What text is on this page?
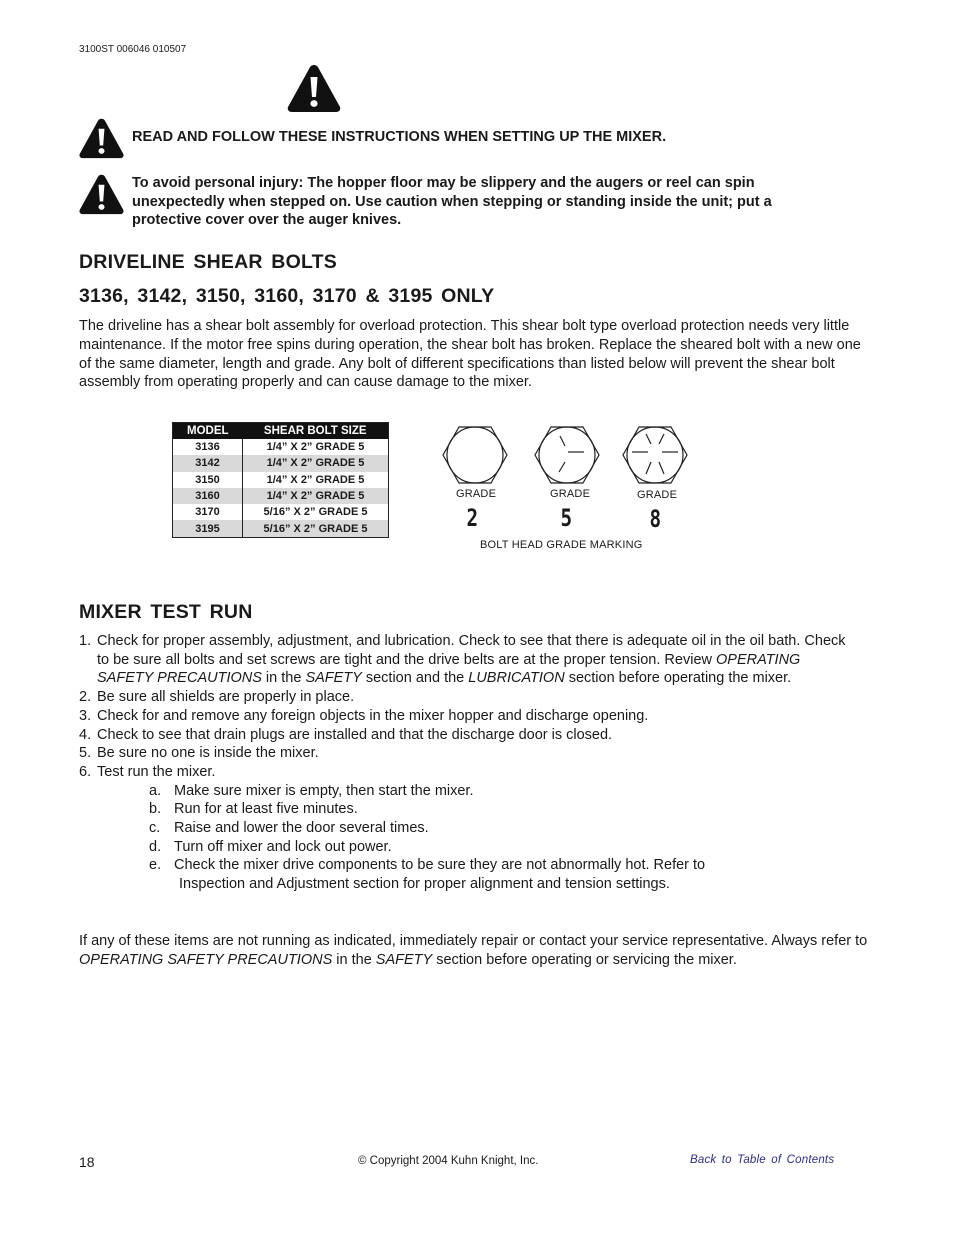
3100ST 006046 010507
READ AND FOLLOW THESE INSTRUCTIONS WHEN SETTING UP THE MIXER.
To avoid personal injury: The hopper floor may be slippery and the augers or reel can spin unexpectedly when stepped on. Use caution when stepping or standing inside the unit; put a protective cover over the auger knives.
DRIVELINE SHEAR BOLTS
3136, 3142, 3150, 3160, 3170 & 3195 ONLY
The driveline has a shear bolt assembly for overload protection. This shear bolt type overload protection needs very little maintenance. If the motor free spins during operation, the shear bolt has broken. Replace the sheared bolt with a new one of the same diameter, length and grade. Any bolt of different specifications than listed below will prevent the shear bolt assembly from operating properly and can cause damage to the mixer.
MODEL	SHEAR BOLT SIZE
3136	1/4” X 2” GRADE 5
3142	1/4” X 2” GRADE 5
3150	1/4” X 2” GRADE 5
3160	1/4” X 2” GRADE 5
3170	5/16” X 2” GRADE 5
3195	5/16” X 2” GRADE 5
GRADE	GRADE	GRADE
2	5	8
BOLT HEAD GRADE MARKING
MIXER TEST RUN
1. Check for proper assembly, adjustment, and lubrication. Check to see that there is adequate oil in the oil bath. Check to be sure all bolts and set screws are tight and the drive belts are at the proper tension. Review OPERATING SAFETY PRECAUTIONS in the SAFETY section and the LUBRICATION section before operating the mixer.
2. Be sure all shields are properly in place.
3. Check for and remove any foreign objects in the mixer hopper and discharge opening.
4. Check to see that drain plugs are installed and that the discharge door is closed.
5. Be sure no one is inside the mixer.
6. Test run the mixer.
a. Make sure mixer is empty, then start the mixer.
b. Run for at least five minutes.
c. Raise and lower the door several times.
d. Turn off mixer and lock out power.
e. Check the mixer drive components to be sure they are not abnormally hot. Refer to
Inspection and Adjustment section for proper alignment and tension settings.
If any of these items are not running as indicated, immediately repair or contact your service representative. Always refer to OPERATING SAFETY PRECAUTIONS in the SAFETY section before operating or servicing the mixer.
18	© Copyright 2004 Kuhn Knight, Inc.	Back to Table of Contents
